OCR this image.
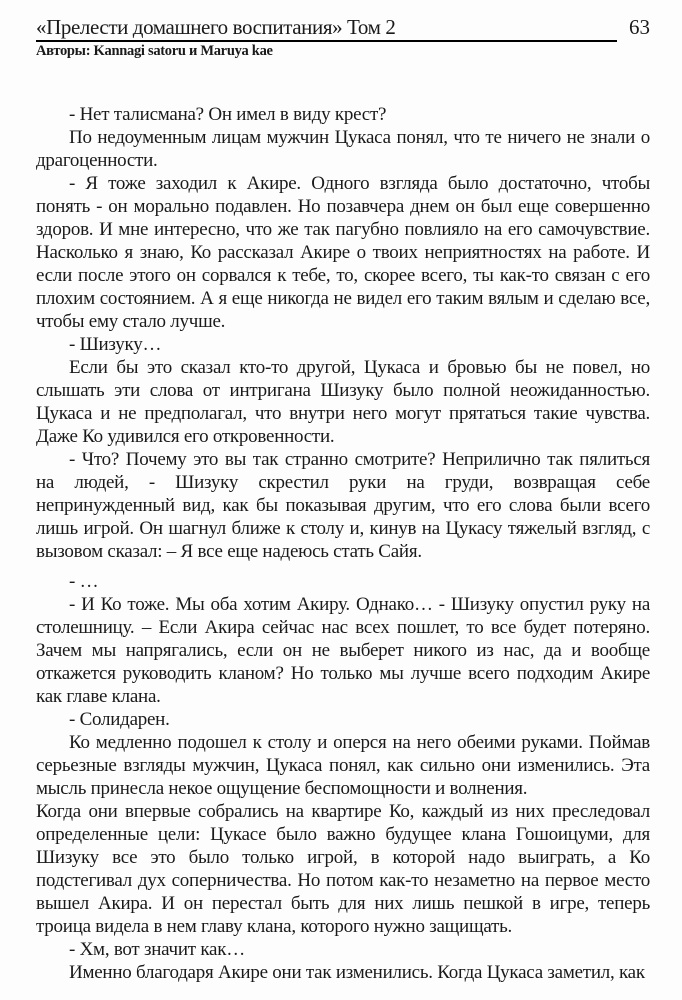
«Прелести домашнего воспитания» Том 2	63
Авторы: Kannagi satoru и Maruya kae

- Нет талисмана? Он имел в виду крест?

По недоуменным лицам мужчин Цукаса понял, что те ничего не знали о драгоценности.

- Я тоже заходил к Акире. Одного взгляда было достаточно, чтобы понять - он морально подавлен. Но позавчера днем он был еще совершенно здоров. И мне интересно, что же так пагубно повлияло на его самочувствие. Насколько я знаю, Ко рассказал Акире о твоих неприятностях на работе. И если после этого он сорвался к тебе, то, скорее всего, ты как-то связан с его плохим состоянием. А я еще никогда не видел его таким вялым и сделаю все, чтобы ему стало лучше.

- Шизуку…

Если бы это сказал кто-то другой, Цукаса и бровью бы не повел, но слышать эти слова от интригана Шизуку было полной неожиданностью. Цукаса и не предполагал, что внутри него могут прятаться такие чувства. Даже Ко удивился его откровенности.

- Что? Почему это вы так странно смотрите? Неприлично так пялиться на людей, - Шизуку скрестил руки на груди, возвращая себе непринужденный вид, как бы показывая другим, что его слова были всего лишь игрой. Он шагнул ближе к столу и, кинув на Цукасу тяжелый взгляд, с вызовом сказал: – Я все еще надеюсь стать Сайя.

- …

- И Ко тоже. Мы оба хотим Акиру. Однако… - Шизуку опустил руку на столешницу. – Если Акира сейчас нас всех пошлет, то все будет потеряно. Зачем мы напрягались, если он не выберет никого из нас, да и вообще откажется руководить кланом? Но только мы лучше всего подходим Акире как главе клана.

- Солидарен.

Ко медленно подошел к столу и оперся на него обеими руками. Поймав серьезные взгляды мужчин, Цукаса понял, как сильно они изменились. Эта мысль принесла некое ощущение беспомощности и волнения.

Когда они впервые собрались на квартире Ко, каждый из них преследовал определенные цели: Цукасе было важно будущее клана Гошоицуми, для Шизуку все это было только игрой, в которой надо выиграть, а Ко подстегивал дух соперничества. Но потом как-то незаметно на первое место вышел Акира. И он перестал быть для них лишь пешкой в игре, теперь троица видела в нем главу клана, которого нужно защищать.

- Хм, вот значит как…

Именно благодаря Акире они так изменились. Когда Цукаса заметил, как
